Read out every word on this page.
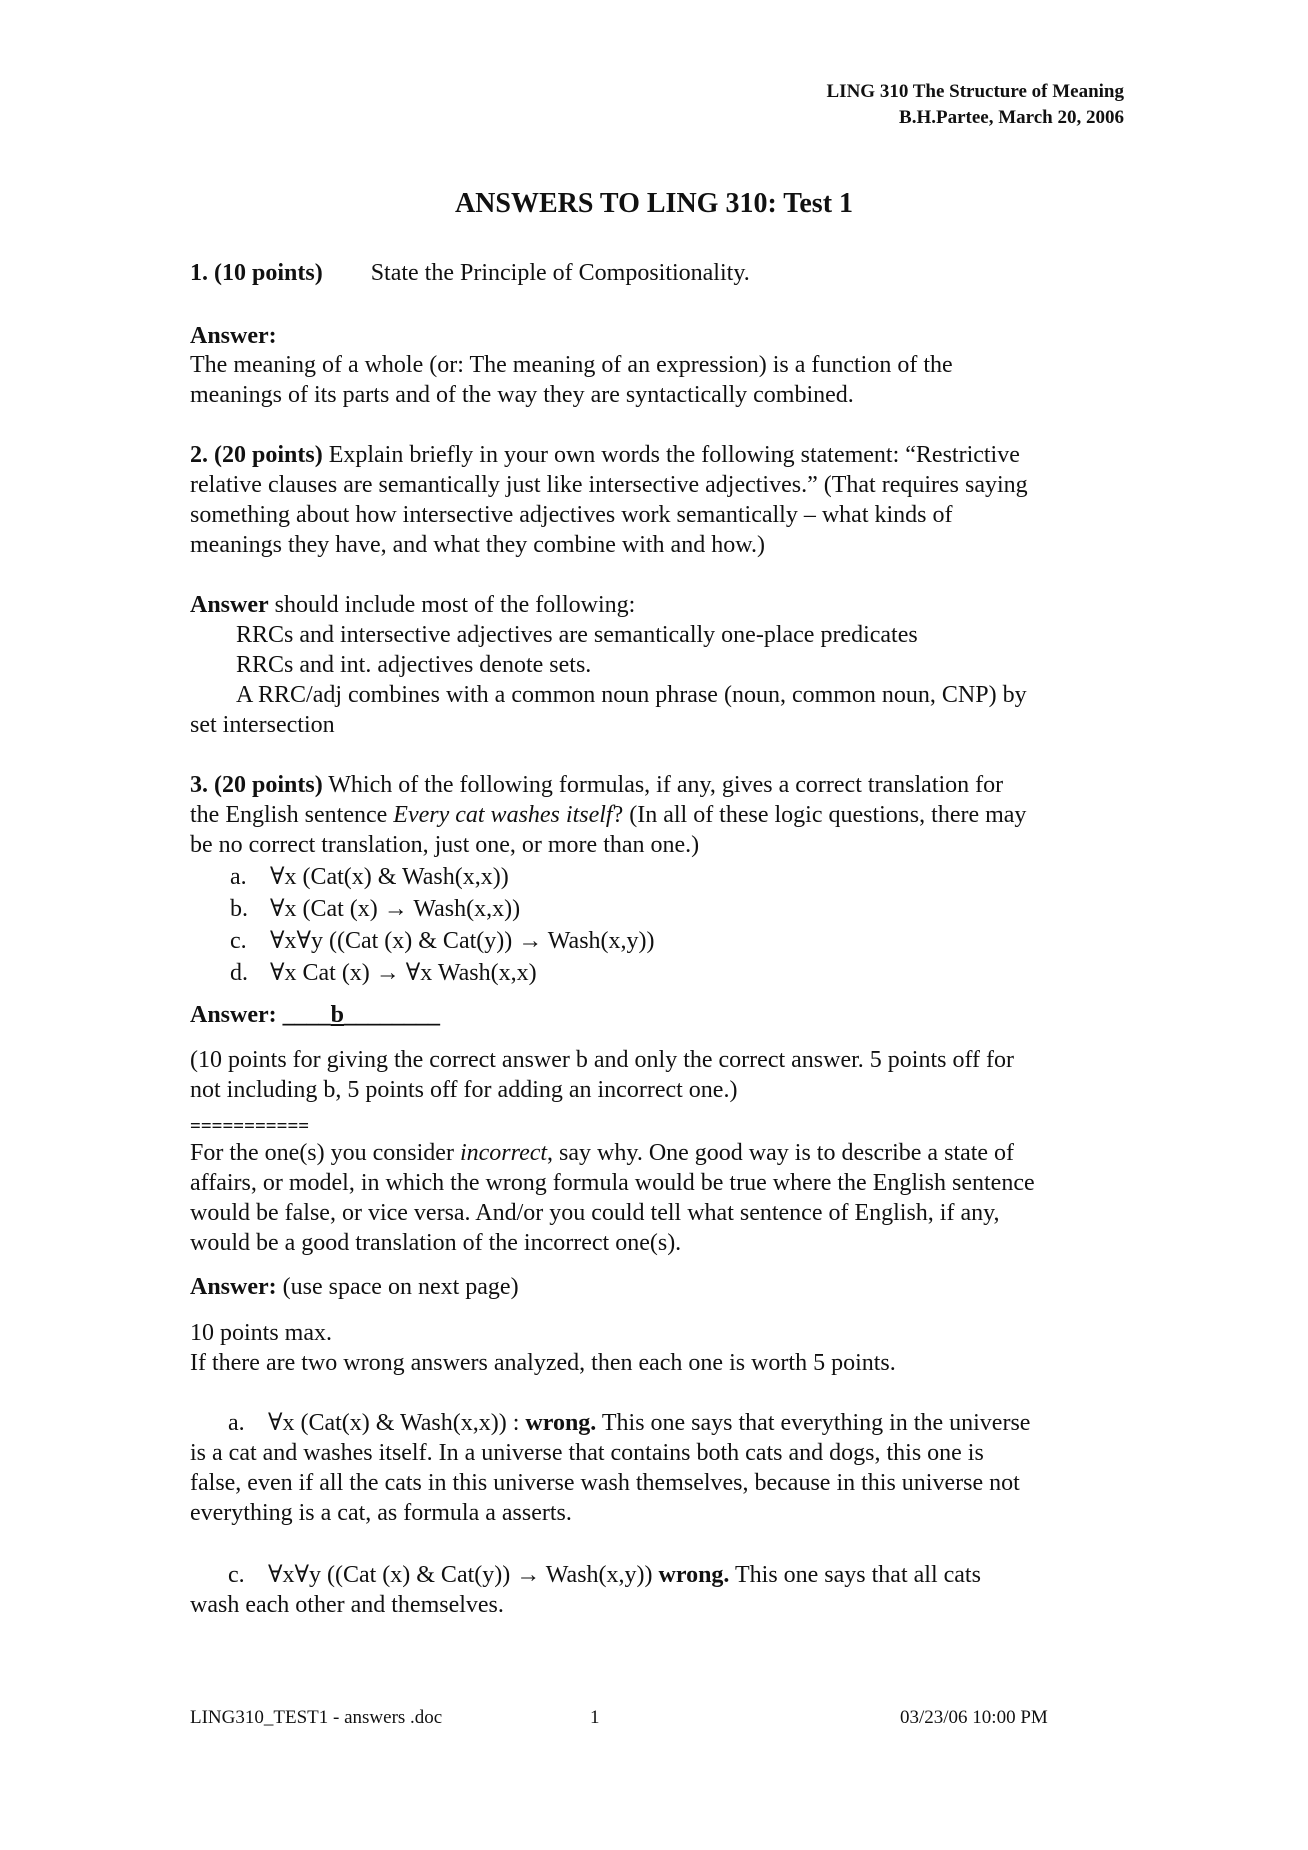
LING 310 The Structure of Meaning
B.H.Partee, March 20, 2006
ANSWERS TO LING 310: Test 1
1. (10 points) State the Principle of Compositionality.
Answer:
The meaning of a whole (or: The meaning of an expression) is a function of the
meanings of its parts and of the way they are syntactically combined.
2. (20 points) Explain briefly in your own words the following statement: “Restrictive
relative clauses are semantically just like intersective adjectives.” (That requires saying
something about how intersective adjectives work semantically – what kinds of
meanings they have, and what they combine with and how.)
Answer should include most of the following:
RRCs and intersective adjectives are semantically one-place predicates
RRCs and int. adjectives denote sets.
A RRC/adj combines with a common noun phrase (noun, common noun, CNP) by
set intersection
3. (20 points) Which of the following formulas, if any, gives a correct translation for
the English sentence Every cat washes itself? (In all of these logic questions, there may
be no correct translation, just one, or more than one.)
a. ∀x (Cat(x) & Wash(x,x))
b. ∀x (Cat (x) → Wash(x,x))
c. ∀x∀y ((Cat (x) & Cat(y)) → Wash(x,y))
d. ∀x Cat (x) → ∀x Wash(x,x)
Answer: ____b________
(10 points for giving the correct answer b and only the correct answer. 5 points off for
not including b, 5 points off for adding an incorrect one.)
===========
For the one(s) you consider incorrect, say why. One good way is to describe a state of
affairs, or model, in which the wrong formula would be true where the English sentence
would be false, or vice versa. And/or you could tell what sentence of English, if any,
would be a good translation of the incorrect one(s).
Answer: (use space on next page)
10 points max.
If there are two wrong answers analyzed, then each one is worth 5 points.
a. ∀x (Cat(x) & Wash(x,x)) : wrong. This one says that everything in the universe
is a cat and washes itself. In a universe that contains both cats and dogs, this one is
false, even if all the cats in this universe wash themselves, because in this universe not
everything is a cat, as formula a asserts.
c. ∀x∀y ((Cat (x) & Cat(y)) → Wash(x,y)) wrong. This one says that all cats
wash each other and themselves.
LING310_TEST1 - answers .doc	1	03/23/06 10:00 PM
